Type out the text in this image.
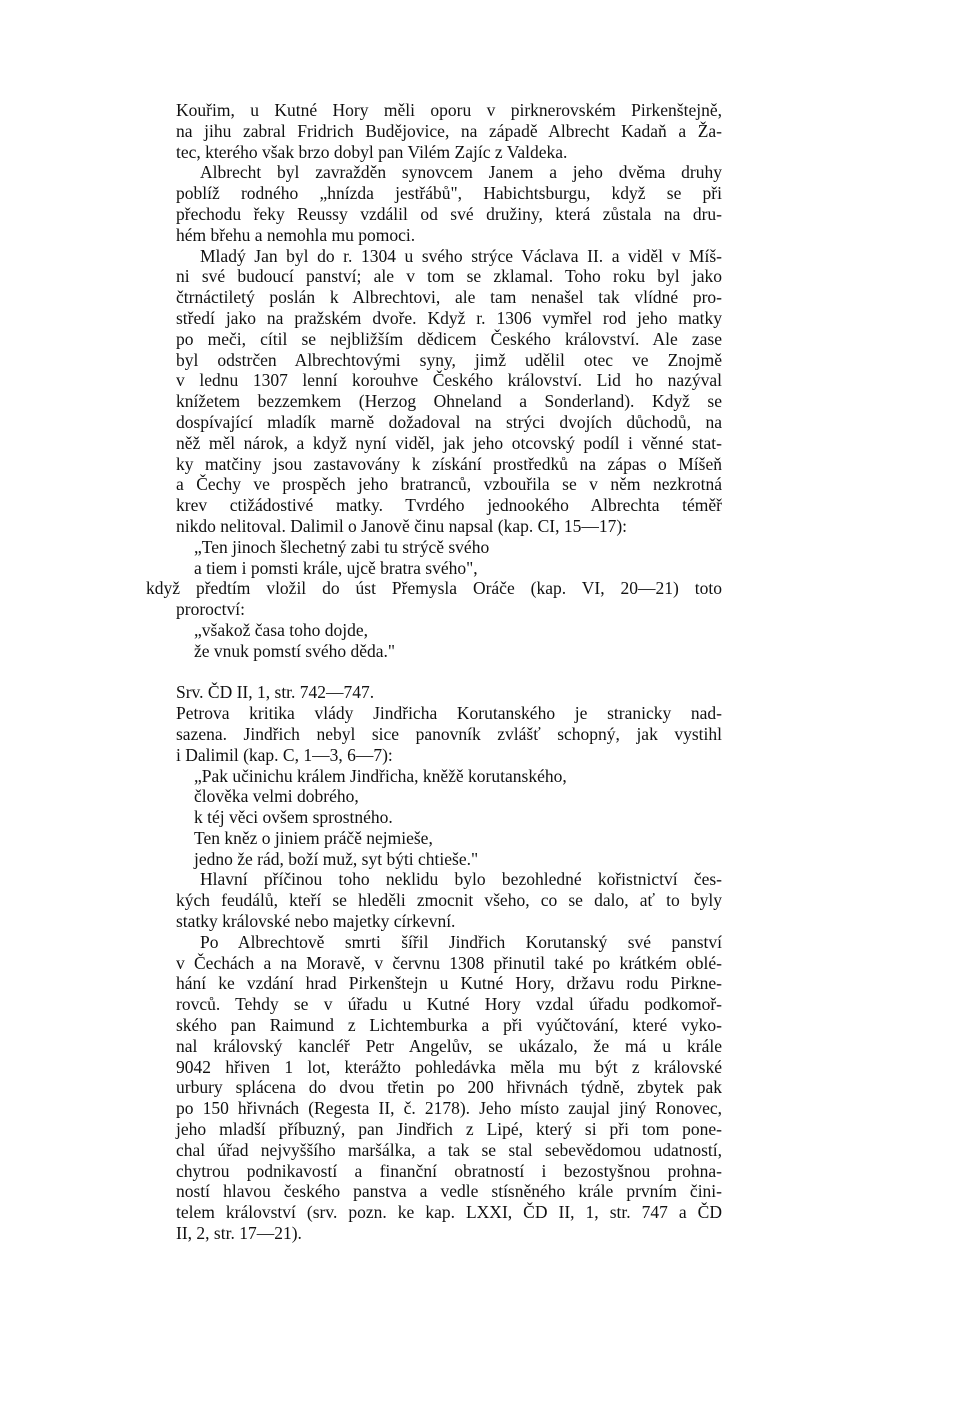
Kouřim, u Kutné Hory měli oporu v pirknerovském Pirkenštejně,
na jihu zabral Fridrich Budějovice, na západě Albrecht Kadaň a Ža-
tec, kterého však brzo dobyl pan Vilém Zajíc z Valdeka.
Albrecht byl zavražděn synovcem Janem a jeho dvěma druhy
poblíž rodného „hnízda jestřábů", Habichtsburgu, když se při
přechodu řeky Reussy vzdálil od své družiny, která zůstala na dru-
hém břehu a nemohla mu pomoci.
Mladý Jan byl do r. 1304 u svého strýce Václava II. a viděl v Míš-
ni své budoucí panství; ale v tom se zklamal. Toho roku byl jako
čtrnáctiletý poslán k Albrechtovi, ale tam nenašel tak vlídné pro-
středí jako na pražském dvoře. Když r. 1306 vymřel rod jeho matky
po meči, cítil se nejbližším dědicem Českého království. Ale zase
byl odstrčen Albrechtovými syny, jimž udělil otec ve Znojmě
v lednu 1307 lenní korouhve Českého království. Lid ho nazýval
knížetem bezzemkem (Herzog Ohneland a Sonderland). Když se
dospívající mladík marně dožadoval na strýci dvojích důchodů, na
něž měl nárok, a když nyní viděl, jak jeho otcovský podíl i věnné stat-
ky matčiny jsou zastavovány k získání prostředků na zápas o Míšeň
a Čechy ve prospěch jeho bratranců, vzbouřila se v něm nezkrotná
krev ctižádostivé matky. Tvrdého jednookého Albrechta téměř
nikdo nelitoval. Dalimil o Janově činu napsal (kap. CI, 15—17):
„Ten jinoch šlechetný zabi tu strýcě svého
a tiem i pomsti krále, ujcě bratra svého",
když předtím vložil do úst Přemysla Oráče (kap. VI, 20—21) toto
proroctví:
„všakož časa toho dojde,
že vnuk pomstí svého děda."
Srv. ČD II, 1, str. 742—747.
Petrova kritika vlády Jindřicha Korutanského je stranicky nad-
sazena. Jindřich nebyl sice panovník zvlášť schopný, jak vystihl
i Dalimil (kap. C, 1—3, 6—7):
„Pak učinichu králem Jindřicha, kněžě korutanského,
člověka velmi dobrého,
k téj věci ovšem sprostného.
Ten kněz o jiniem práčě nejmieše,
jedno že rád, boží muž, syt býti chtieše."
Hlavní příčinou toho neklidu bylo bezohledné kořistnictví čes-
kých feudálů, kteří se hleděli zmocnit všeho, co se dalo, ať to byly
statky královské nebo majetky církevní.
Po Albrechtově smrti šířil Jindřich Korutanský své panství
v Čechách a na Moravě, v červnu 1308 přinutil také po krátkém oblé-
hání ke vzdání hrad Pirkenštejn u Kutné Hory, državu rodu Pirkne-
rovců. Tehdy se v úřadu u Kutné Hory vzdal úřadu podkomoř-
ského pan Raimund z Lichtemburka a při vyúčtování, které vyko-
nal královský kancléř Petr Angelův, se ukázalo, že má u krále
9042 hřiven 1 lot, kterážto pohledávka měla mu být z královské
urbury splácena do dvou třetin po 200 hřivnách týdně, zbytek pak
po 150 hřivnách (Regesta II, č. 2178). Jeho místo zaujal jiný Ronovec,
jeho mladší příbuzný, pan Jindřich z Lipé, který si při tom pone-
chal úřad nejvyššího maršálka, a tak se stal sebevědomou udatností,
chytrou podnikavostí a finanční obratností i bezostyšnou prohna-
ností hlavou českého panstva a vedle stísněného krále prvním čini-
telem království (srv. pozn. ke kap. LXXI, ČD II, 1, str. 747 a ČD
II, 2, str. 17—21).
